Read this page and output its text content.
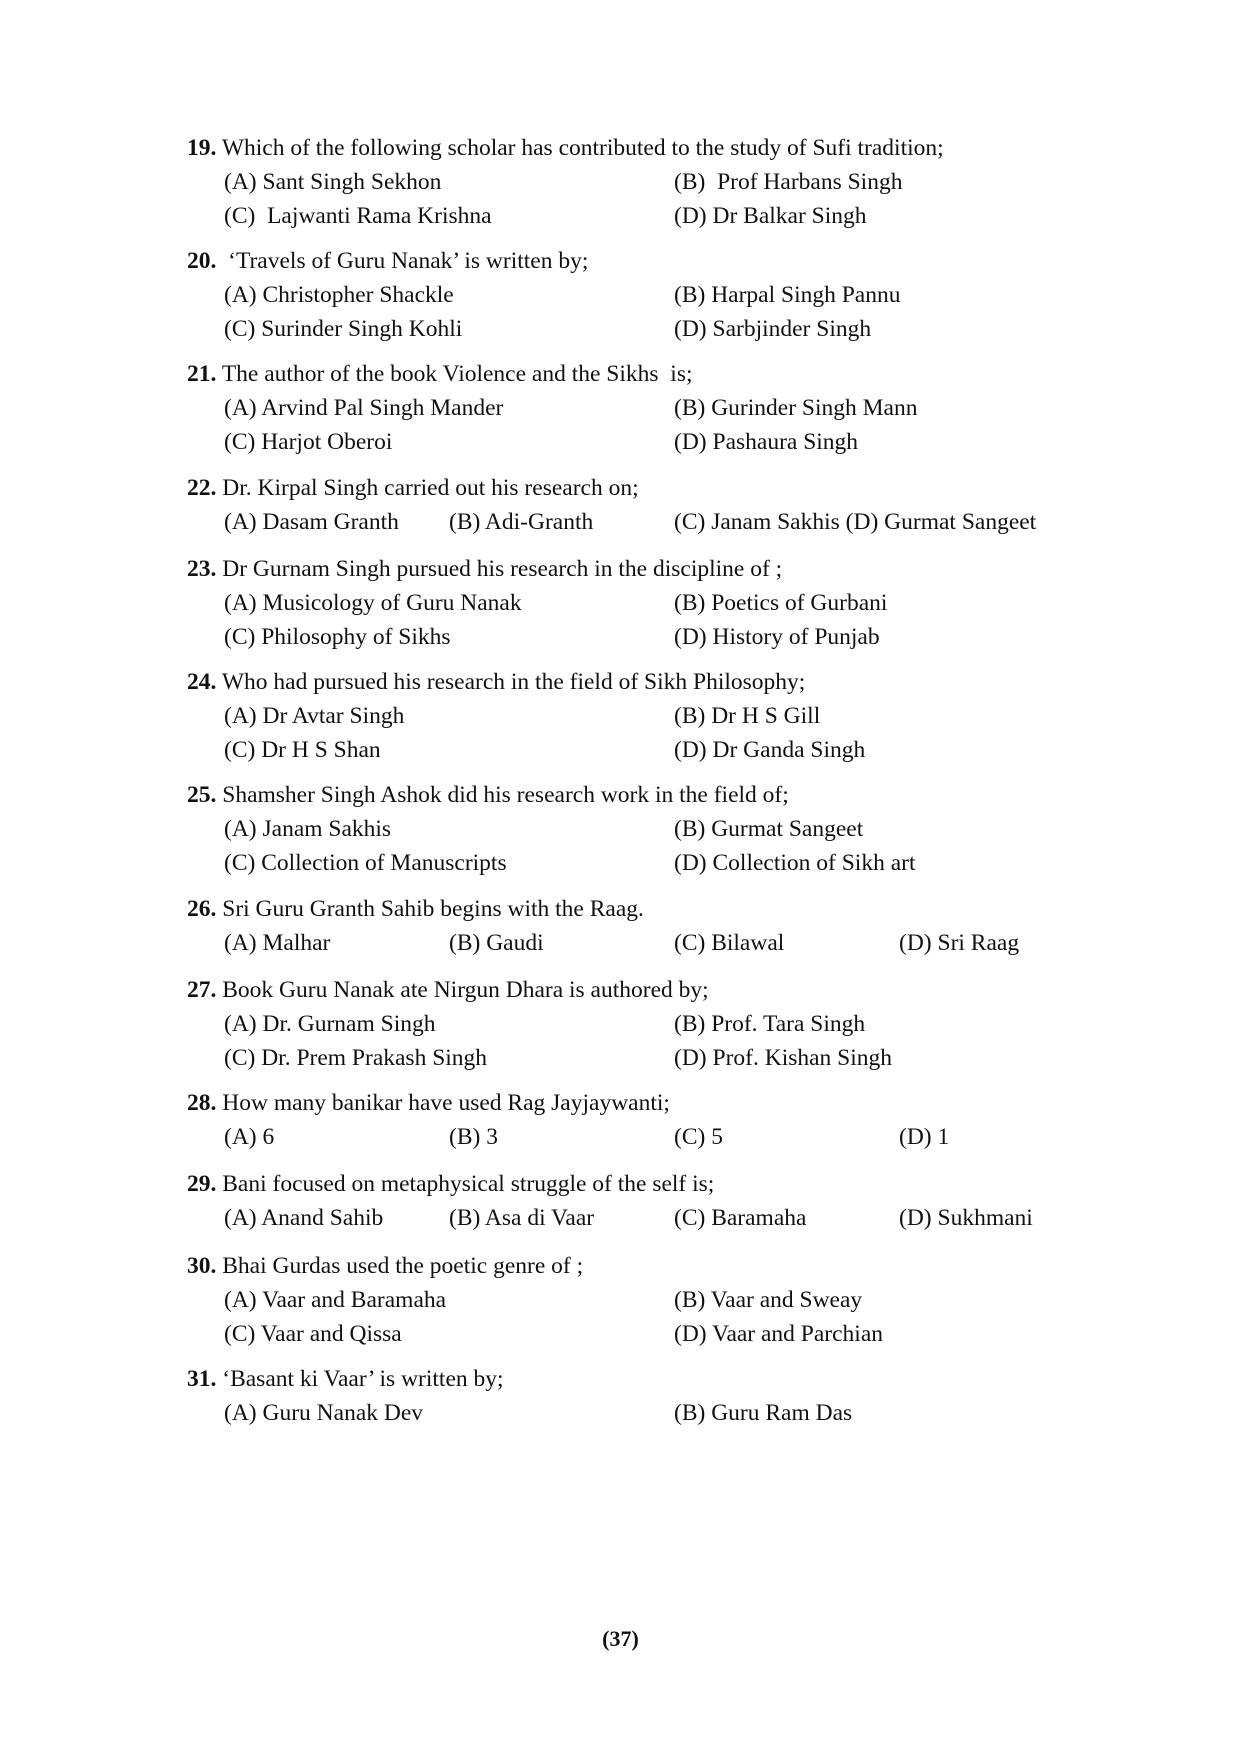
19. Which of the following scholar has contributed to the study of Sufi tradition;
(A) Sant Singh Sekhon	(B)  Prof Harbans Singh
(C)  Lajwanti Rama Krishna	(D) Dr Balkar Singh
20.  ‘Travels of Guru Nanak’ is written by;
(A) Christopher Shackle	(B) Harpal Singh Pannu
(C) Surinder Singh Kohli	(D) Sarbjinder Singh
21. The author of the book Violence and the Sikhs  is;
(A) Arvind Pal Singh Mander	(B) Gurinder Singh Mann
(C) Harjot Oberoi	(D) Pashaura Singh
22. Dr. Kirpal Singh carried out his research on;
(A) Dasam Granth (B) Adi-Granth	(C) Janam Sakhis (D) Gurmat Sangeet
23. Dr Gurnam Singh pursued his research in the discipline of ;
(A) Musicology of Guru Nanak	(B) Poetics of Gurbani
(C) Philosophy of Sikhs	(D) History of Punjab
24. Who had pursued his research in the field of Sikh Philosophy;
(A) Dr Avtar Singh	(B) Dr H S Gill
(C) Dr H S Shan	(D) Dr Ganda Singh
25. Shamsher Singh Ashok did his research work in the field of;
(A) Janam Sakhis	(B) Gurmat Sangeet
(C) Collection of Manuscripts	(D) Collection of Sikh art
26. Sri Guru Granth Sahib begins with the Raag.
(A) Malhar	(B) Gaudi	(C) Bilawal	(D) Sri Raag
27. Book Guru Nanak ate Nirgun Dhara is authored by;
(A) Dr. Gurnam Singh	(B) Prof. Tara Singh
(C) Dr. Prem Prakash Singh	(D) Prof. Kishan Singh
28. How many banikar have used Rag Jayjaywanti;
(A) 6	(B) 3	(C) 5	(D) 1
29. Bani focused on metaphysical struggle of the self is;
(A) Anand Sahib	(B) Asa di Vaar	(C) Baramaha	(D) Sukhmani
30. Bhai Gurdas used the poetic genre of ;
(A) Vaar and Baramaha	(B) Vaar and Sweay
(C) Vaar and Qissa	(D) Vaar and Parchian
31. ‘Basant ki Vaar’ is written by;
(A) Guru Nanak Dev	(B) Guru Ram Das
(37)
